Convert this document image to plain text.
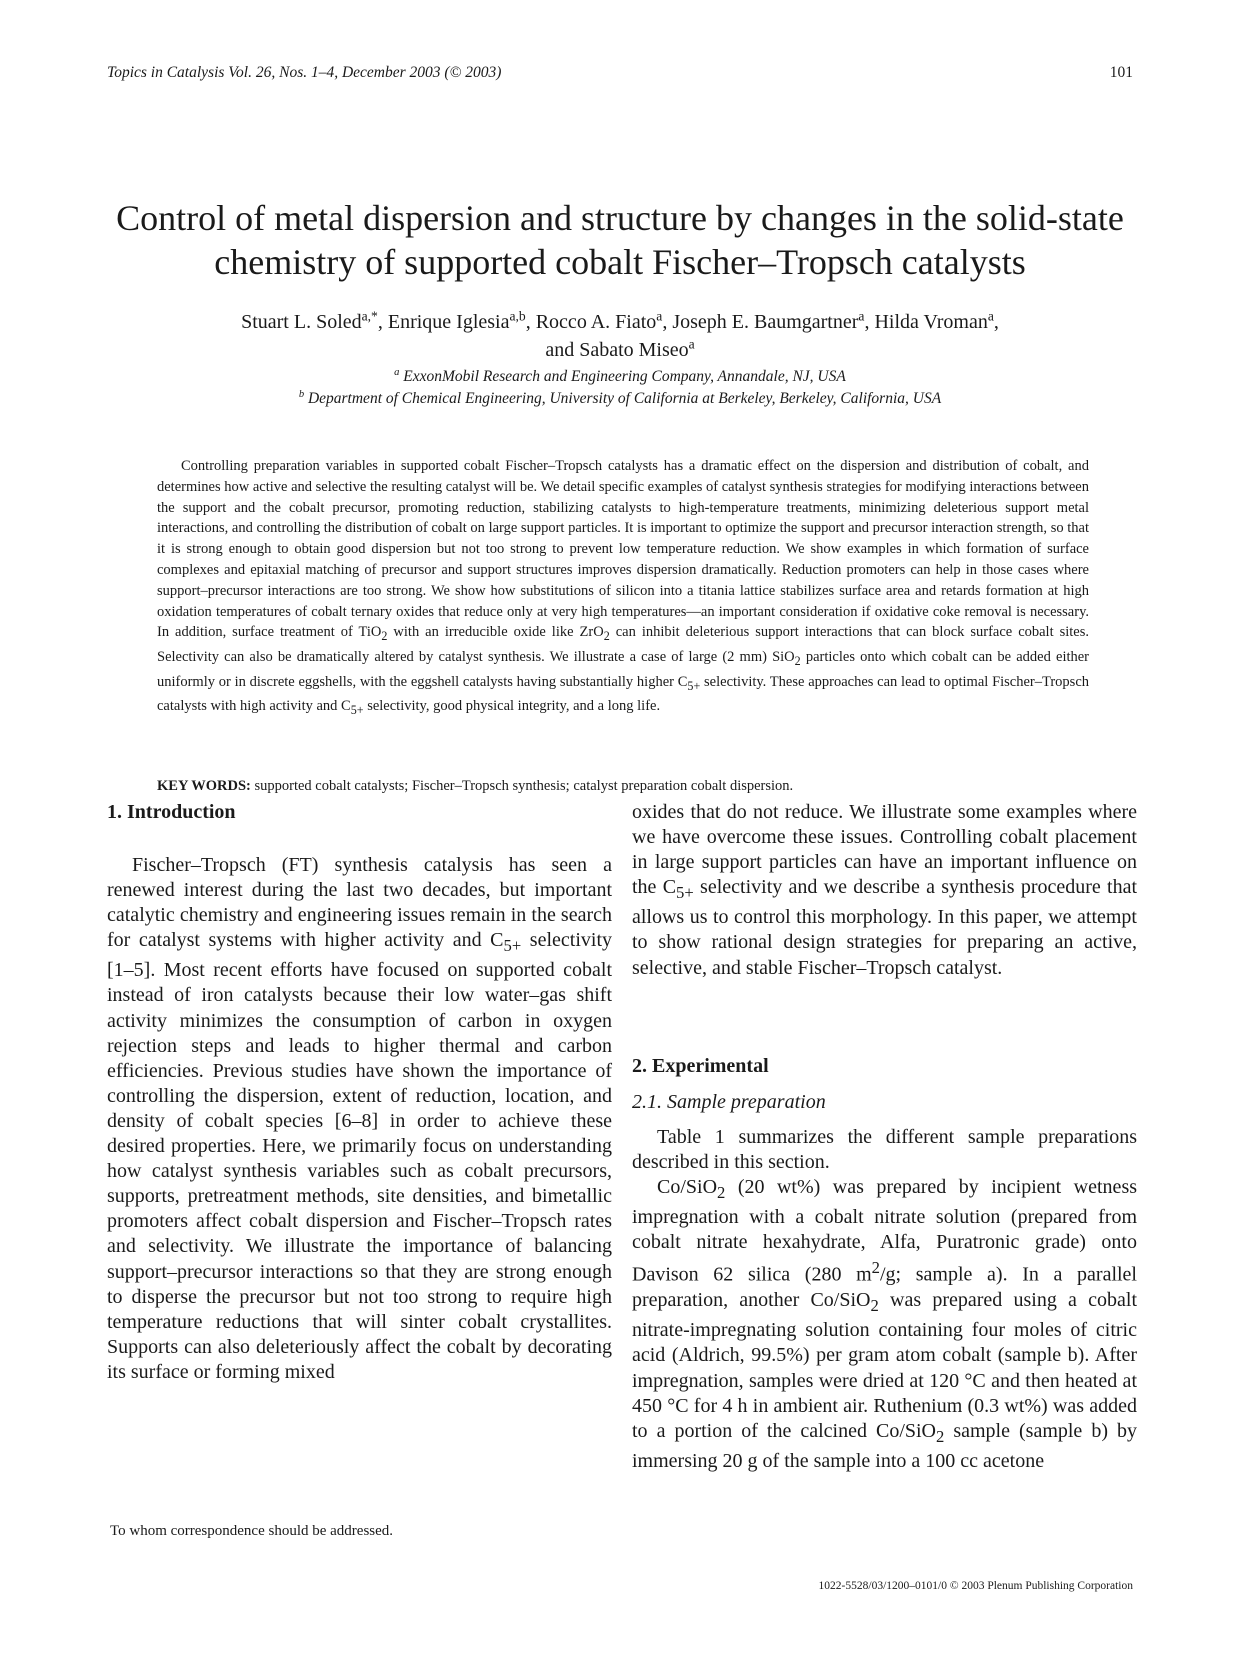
Topics in Catalysis Vol. 26, Nos. 1–4, December 2003 (© 2003)	101
Control of metal dispersion and structure by changes in the solid-state
chemistry of supported cobalt Fischer–Tropsch catalysts
Stuart L. Soled$^{a,*}$, Enrique Iglesia$^{a,b}$, Rocco A. Fiato$^a$, Joseph E. Baumgartner$^a$, Hilda Vroman$^a$,
and Sabato Miseo$^a$
$^a$ ExxonMobil Research and Engineering Company, Annandale, NJ, USA
$^b$ Department of Chemical Engineering, University of California at Berkeley, Berkeley, California, USA
Controlling preparation variables in supported cobalt Fischer–Tropsch catalysts has a dramatic effect on the dispersion and distribution of cobalt, and determines how active and selective the resulting catalyst will be. We detail specific examples of catalyst synthesis strategies for modifying interactions between the support and the cobalt precursor, promoting reduction, stabilizing catalysts to high-temperature treatments, minimizing deleterious support metal interactions, and controlling the distribution of cobalt on large support particles. It is important to optimize the support and precursor interaction strength, so that it is strong enough to obtain good dispersion but not too strong to prevent low temperature reduction. We show examples in which formation of surface complexes and epitaxial matching of precursor and support structures improves dispersion dramatically. Reduction promoters can help in those cases where support–precursor interactions are too strong. We show how substitutions of silicon into a titania lattice stabilizes surface area and retards formation at high oxidation temperatures of cobalt ternary oxides that reduce only at very high temperatures—an important consideration if oxidative coke removal is necessary. In addition, surface treatment of TiO$_2$ with an irreducible oxide like ZrO$_2$ can inhibit deleterious support interactions that can block surface cobalt sites. Selectivity can also be dramatically altered by catalyst synthesis. We illustrate a case of large (2 mm) SiO$_2$ particles onto which cobalt can be added either uniformly or in discrete eggshells, with the eggshell catalysts having substantially higher $C_{5+}$ selectivity. These approaches can lead to optimal Fischer–Tropsch catalysts with high activity and $C_{5+}$ selectivity, good physical integrity, and a long life.
KEY WORDS: supported cobalt catalysts; Fischer–Tropsch synthesis; catalyst preparation cobalt dispersion.
1. Introduction

Fischer–Tropsch (FT) synthesis catalysis has seen a renewed interest during the last two decades, but important catalytic chemistry and engineering issues remain in the search for catalyst systems with higher activity and $C_{5+}$ selectivity [1–5]. Most recent efforts have focused on supported cobalt instead of iron catalysts because their low water–gas shift activity minimizes the consumption of carbon in oxygen rejection steps and leads to higher thermal and carbon efficiencies. Previous studies have shown the importance of controlling the dispersion, extent of reduction, location, and density of cobalt species [6–8] in order to achieve these desired properties. Here, we primarily focus on understanding how catalyst synthesis variables such as cobalt precursors, supports, pretreatment methods, site densities, and bimetallic promoters affect cobalt dispersion and Fischer–Tropsch rates and selectivity. We illustrate the importance of balancing support–precursor interactions so that they are strong enough to disperse the precursor but not too strong to require high temperature reductions that will sinter cobalt crystallites. Supports can also deleteriously affect the cobalt by decorating its surface or forming mixed

oxides that do not reduce. We illustrate some examples where we have overcome these issues. Controlling cobalt placement in large support particles can have an important influence on the $C_{5+}$ selectivity and we describe a synthesis procedure that allows us to control this morphology. In this paper, we attempt to show rational design strategies for preparing an active, selective, and stable Fischer–Tropsch catalyst.

2. Experimental
2.1. Sample preparation

Table 1 summarizes the different sample preparations described in this section.

Co/SiO$_2$ (20 wt%) was prepared by incipient wetness impregnation with a cobalt nitrate solution (prepared from cobalt nitrate hexahydrate, Alfa, Puratronic grade) onto Davison 62 silica (280 $m^2/g$; sample a). In a parallel preparation, another Co/SiO$_2$ was prepared using a cobalt nitrate-impregnating solution containing four moles of citric acid (Aldrich, 99.5%) per gram atom cobalt (sample b). After impregnation, samples were dried at 120 °C and then heated at 450 °C for 4 h in ambient air. Ruthenium (0.3 wt%) was added to a portion of the calcined Co/SiO$_2$ sample (sample b) by immersing 20 g of the sample into a 100 cc acetone

To whom correspondence should be addressed.
1022-5528/03/1200–0101/0 © 2003 Plenum Publishing Corporation
